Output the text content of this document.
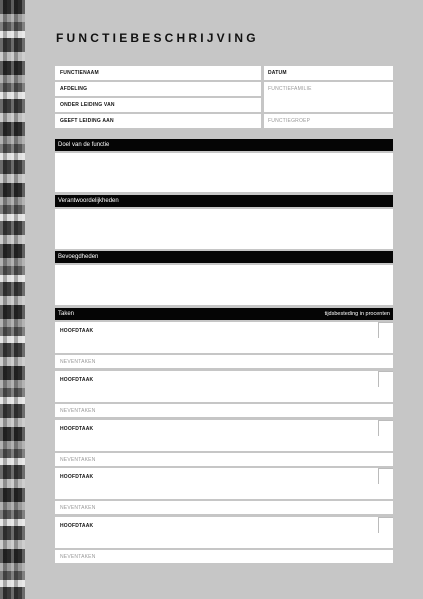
FUNCTIEBESCHRIJVING
FUNCTIENAAM	DATUM
AFDELING	FUNCTIEFAMILIE
ONDER LEIDING VAN
GEEFT LEIDING AAN	FUNCTIEGROEP
Doel van de functie
Verantwoordelijkheden
Bevoegdheden
Taken	tijdsbesteding in procenten
HOOFDTAAK
NEVENTAKEN
HOOFDTAAK
NEVENTAKEN
HOOFDTAAK
NEVENTAKEN
HOOFDTAAK
NEVENTAKEN
HOOFDTAAK
NEVENTAKEN
